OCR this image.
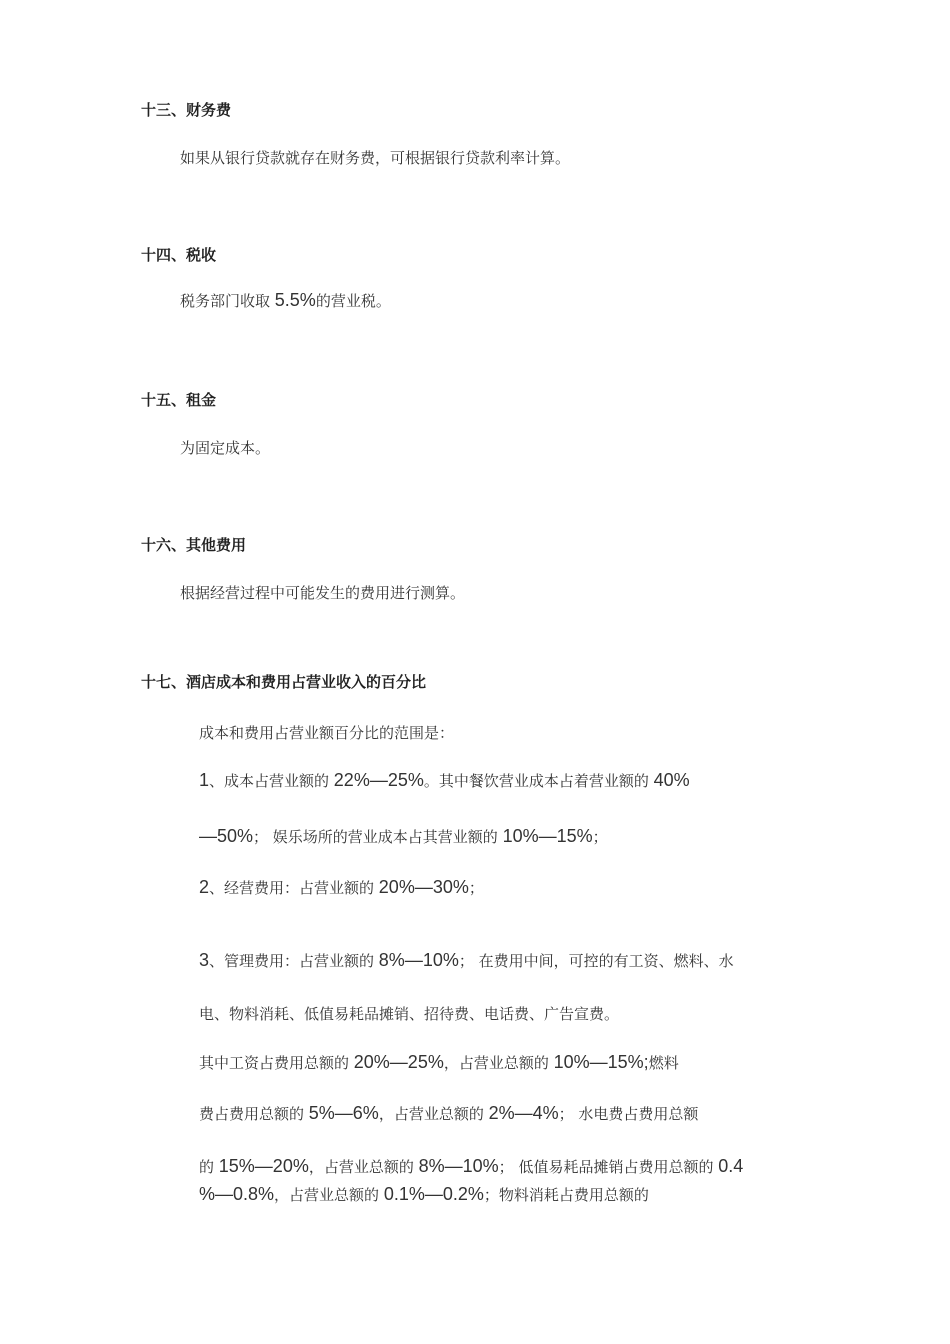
十三、财务费
如果从银行贷款就存在财务费，可根据银行贷款利率计算。
十四、税收
税务部门收取 5.5%的营业税。
十五、租金
为固定成本。
十六、其他费用
根据经营过程中可能发生的费用进行测算。
十七、酒店成本和费用占营业收入的百分比
成本和费用占营业额百分比的范围是：
1、成本占营业额的 22%—25%。其中餐饮营业成本占着营业额的 40%
—50%； 娱乐场所的营业成本占其营业额的 10%—15%；
2、经营费用：占营业额的 20%—30%；
3、管理费用：占营业额的 8%—10%； 在费用中间，可控的有工资、燃料、水
电、物料消耗、低值易耗品摊销、招待费、电话费、广告宣费。
其中工资占费用总额的 20%—25%，占营业总额的 10%—15%;燃料
费占费用总额的 5%—6%，占营业总额的 2%—4%； 水电费占费用总额
的 15%—20%，占营业总额的 8%—10%； 低值易耗品摊销占费用总额的 0.4
%—0.8%，占营业总额的 0.1%—0.2%；物料消耗占费用总额的
